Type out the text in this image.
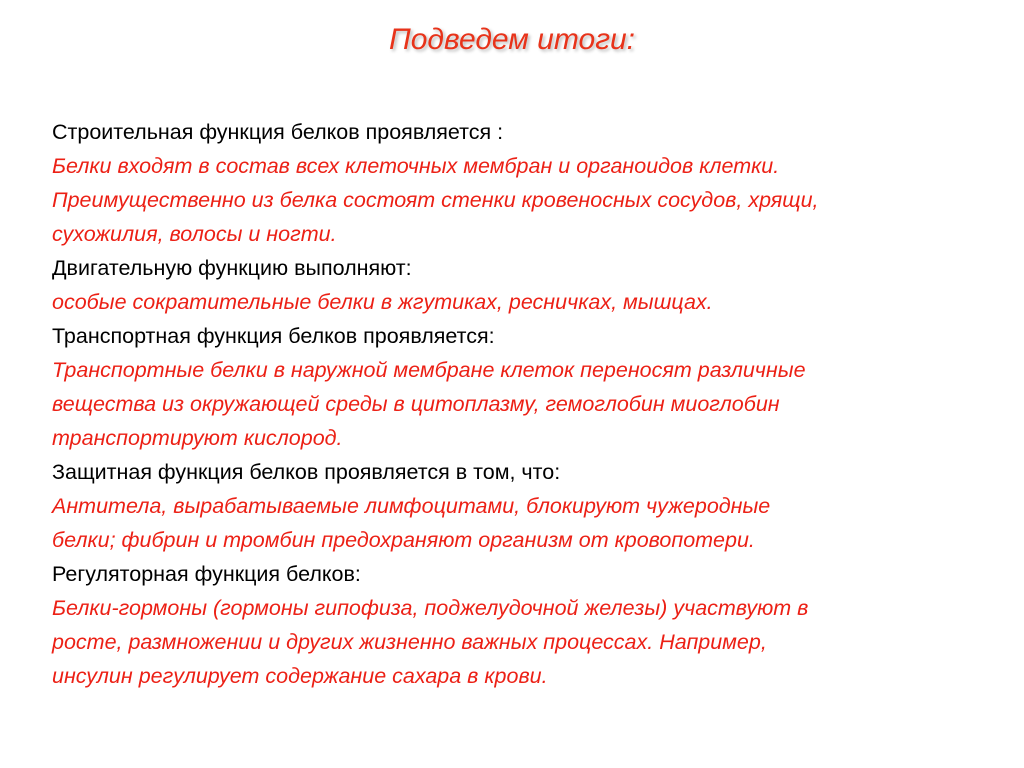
Подведем итоги:

Строительная функция белков проявляется :

Белки входят в состав всех клеточных мембран и органоидов клетки.

Преимущественно из белка состоят стенки кровеносных сосудов, хрящи,

сухожилия, волосы и ногти.

Двигательную функцию выполняют:

особые сократительные белки в жгутиках, ресничках, мышцах.

Транспортная функция белков проявляется:

Транспортные белки в наружной мембране клеток переносят различные

вещества из окружающей среды в цитоплазму, гемоглобин миоглобин

транспортируют кислород.

Защитная функция белков проявляется в том, что:

Антитела, вырабатываемые лимфоцитами, блокируют чужеродные

белки; фибрин и тромбин предохраняют организм от кровопотери.

Регуляторная функция белков:

Белки-гормоны (гормоны гипофиза, поджелудочной железы) участвуют в

росте, размножении и других жизненно важных процессах. Например,

инсулин регулирует содержание сахара в крови.
